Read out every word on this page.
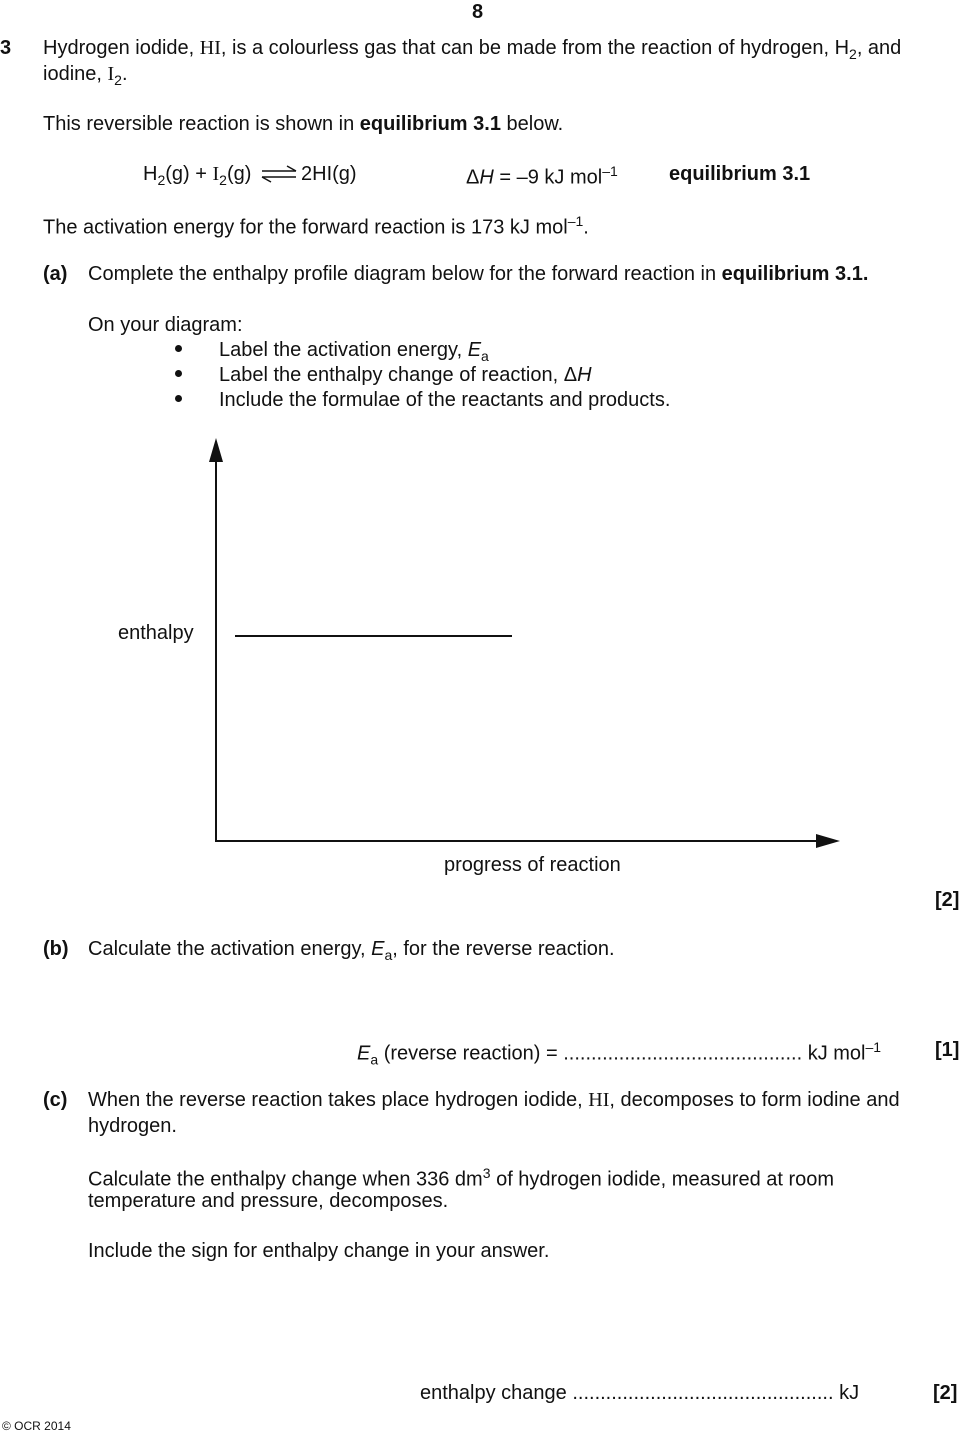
8
3 Hydrogen iodide, HI, is a colourless gas that can be made from the reaction of hydrogen, $H_2$, and
iodine, $I_2$.
This reversible reaction is shown in equilibrium 3.1 below.
$H_2(g) + I_2(g)$ 2HI(g)	ΔH = –9 kJ mol$^{-1}$	equilibrium 3.1
The activation energy for the forward reaction is 173 kJ mol$^{-1}$.
(a) Complete the enthalpy profile diagram below for the forward reaction in equilibrium 3.1.
On your diagram:
Label the activation energy, $E_a$
Label the enthalpy change of reaction, ΔH
Include the formulae of the reactants and products.
enthalpy
progress of reaction
[2]
(b) Calculate the activation energy, $E_a$, for the reverse reaction.
$E_a$ (reverse reaction) = ........................................... kJ mol$^{-1}$	[1]
(c) When the reverse reaction takes place hydrogen iodide, HI, decomposes to form iodine and
hydrogen.
Calculate the enthalpy change when 336 $dm^3$ of hydrogen iodide, measured at room
temperature and pressure, decomposes.
Include the sign for enthalpy change in your answer.
enthalpy change ............................................... kJ	[2]
© OCR 2014
